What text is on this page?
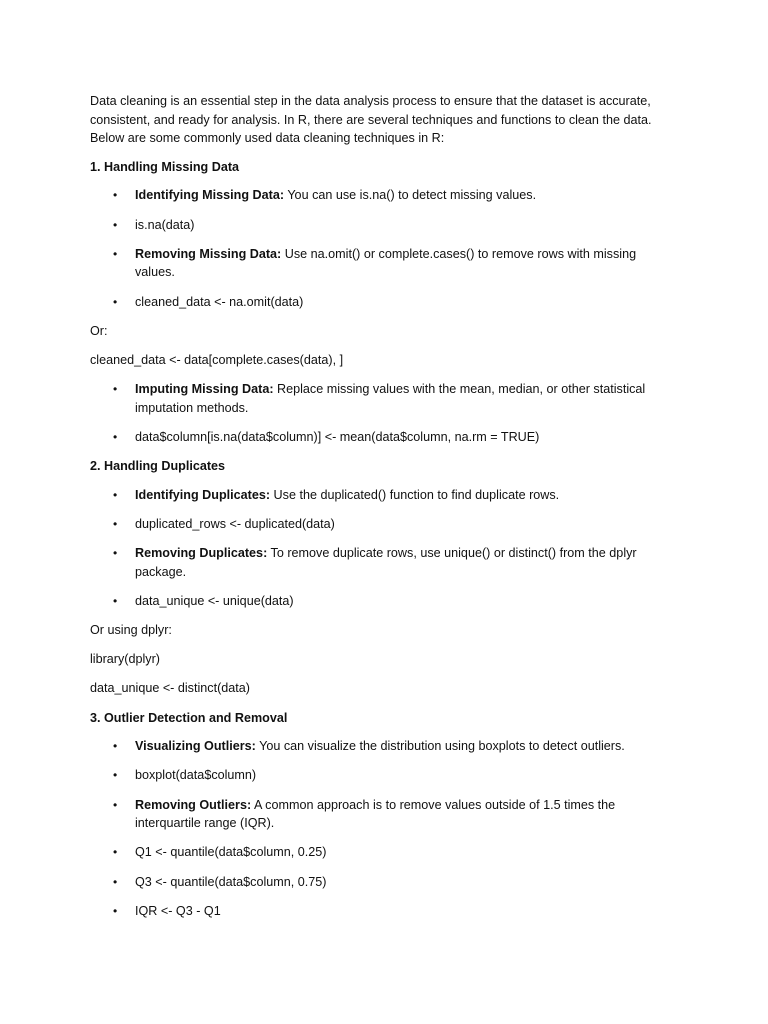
Data cleaning is an essential step in the data analysis process to ensure that the dataset is accurate, consistent, and ready for analysis. In R, there are several techniques and functions to clean the data. Below are some commonly used data cleaning techniques in R:

1. Handling Missing Data

• Identifying Missing Data: You can use is.na() to detect missing values.
• is.na(data)
• Removing Missing Data: Use na.omit() or complete.cases() to remove rows with missing values.
• cleaned_data <- na.omit(data)

Or:

cleaned_data <- data[complete.cases(data), ]

• Imputing Missing Data: Replace missing values with the mean, median, or other statistical imputation methods.
• data$column[is.na(data$column)] <- mean(data$column, na.rm = TRUE)

2. Handling Duplicates

• Identifying Duplicates: Use the duplicated() function to find duplicate rows.
• duplicated_rows <- duplicated(data)
• Removing Duplicates: To remove duplicate rows, use unique() or distinct() from the dplyr package.
• data_unique <- unique(data)

Or using dplyr:

library(dplyr)

data_unique <- distinct(data)

3. Outlier Detection and Removal

• Visualizing Outliers: You can visualize the distribution using boxplots to detect outliers.
• boxplot(data$column)
• Removing Outliers: A common approach is to remove values outside of 1.5 times the interquartile range (IQR).
• Q1 <- quantile(data$column, 0.25)
• Q3 <- quantile(data$column, 0.75)
• IQR <- Q3 - Q1
